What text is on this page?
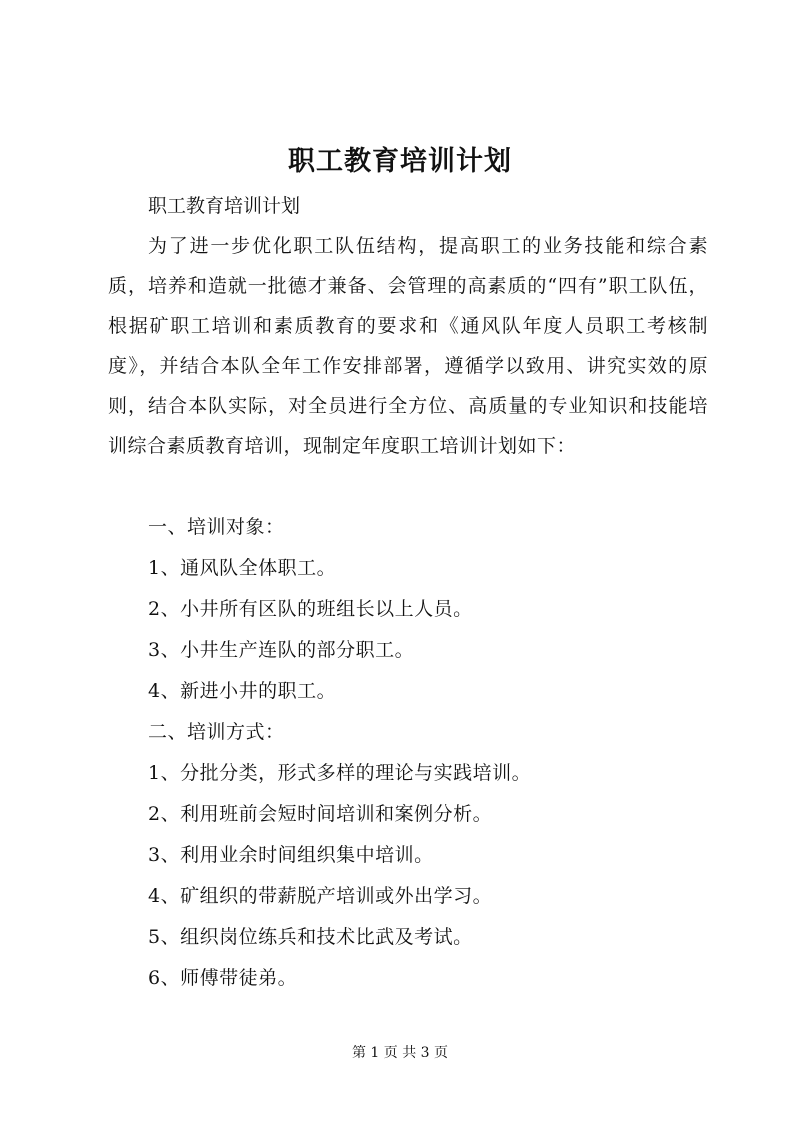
职工教育培训计划

职工教育培训计划

为了进一步优化职工队伍结构，提高职工的业务技能和综合素质，培养和造就一批德才兼备、会管理的高素质的“四有”职工队伍，根据矿职工培训和素质教育的要求和《通风队年度人员职工考核制度》，并结合本队全年工作安排部署，遵循学以致用、讲究实效的原则，结合本队实际，对全员进行全方位、高质量的专业知识和技能培训综合素质教育培训，现制定年度职工培训计划如下：

一、培训对象：

1、通风队全体职工。

2、小井所有区队的班组长以上人员。

3、小井生产连队的部分职工。

4、新进小井的职工。

二、培训方式：

1、分批分类，形式多样的理论与实践培训。

2、利用班前会短时间培训和案例分析。

3、利用业余时间组织集中培训。

4、矿组织的带薪脱产培训或外出学习。

5、组织岗位练兵和技术比武及考试。

6、师傅带徒弟。

第 1 页 共 3 页
